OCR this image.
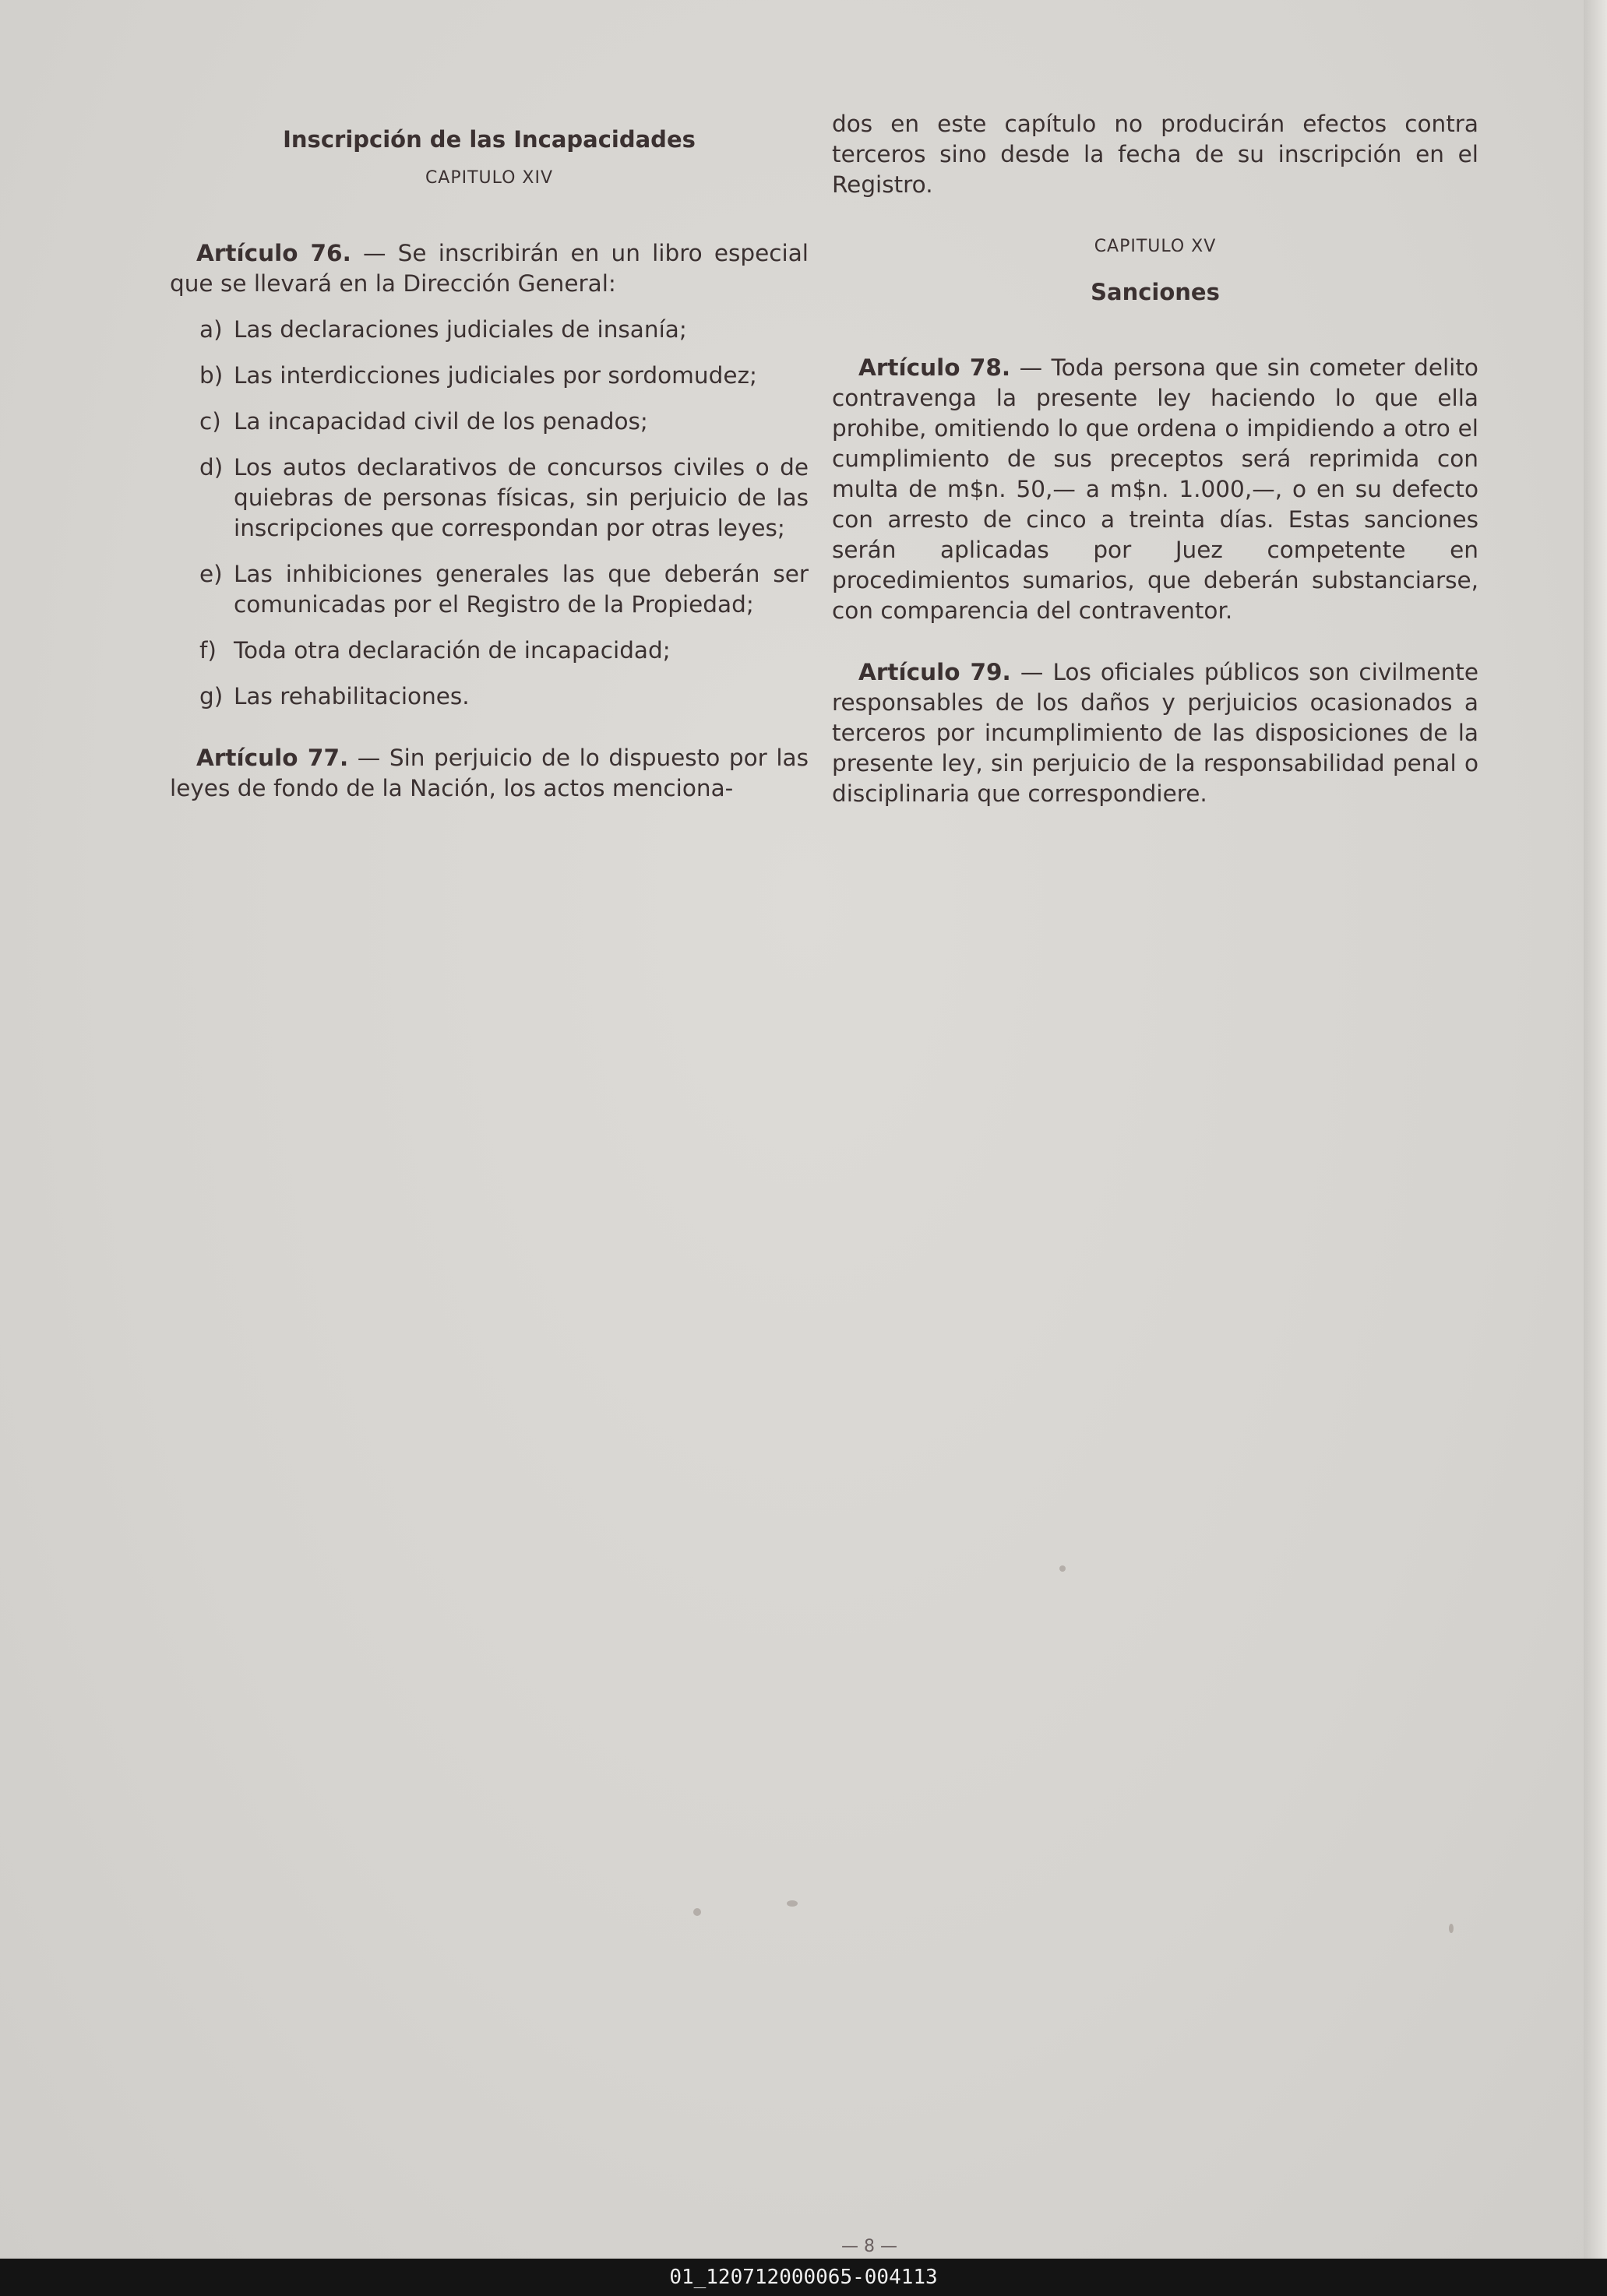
Inscripción de las Incapacidades
CAPITULO XIV

Artículo 76. — Se inscribirán en un libro especial que se llevará en la Dirección General:

a) Las declaraciones judiciales de insanía;
b) Las interdicciones judiciales por sordomudez;
c) La incapacidad civil de los penados;
d) Los autos declarativos de concursos civiles o de quiebras de personas físicas, sin perjuicio de las inscripciones que correspondan por otras leyes;
e) Las inhibiciones generales las que deberán ser comunicadas por el Registro de la Propiedad;
f) Toda otra declaración de incapacidad;
g) Las rehabilitaciones.

Artículo 77. — Sin perjuicio de lo dispuesto por las leyes de fondo de la Nación, los actos menciona-

dos en este capítulo no producirán efectos contra terceros sino desde la fecha de su inscripción en el Registro.

CAPITULO XV
Sanciones

Artículo 78. — Toda persona que sin cometer delito contravenga la presente ley haciendo lo que ella prohibe, omitiendo lo que ordena o impidiendo a otro el cumplimiento de sus preceptos será reprimida con multa de m$n. 50,— a m$n. 1.000,—, o en su defecto con arresto de cinco a treinta días. Estas sanciones serán aplicadas por Juez competente en procedimientos sumarios, que deberán substanciarse, con comparencia del contraventor.

Artículo 79. — Los oficiales públicos son civilmente responsables de los daños y perjuicios ocasionados a terceros por incumplimiento de las disposiciones de la presente ley, sin perjuicio de la responsabilidad penal o disciplinaria que correspondiere.

— 8 —
01_120712000065-004113
